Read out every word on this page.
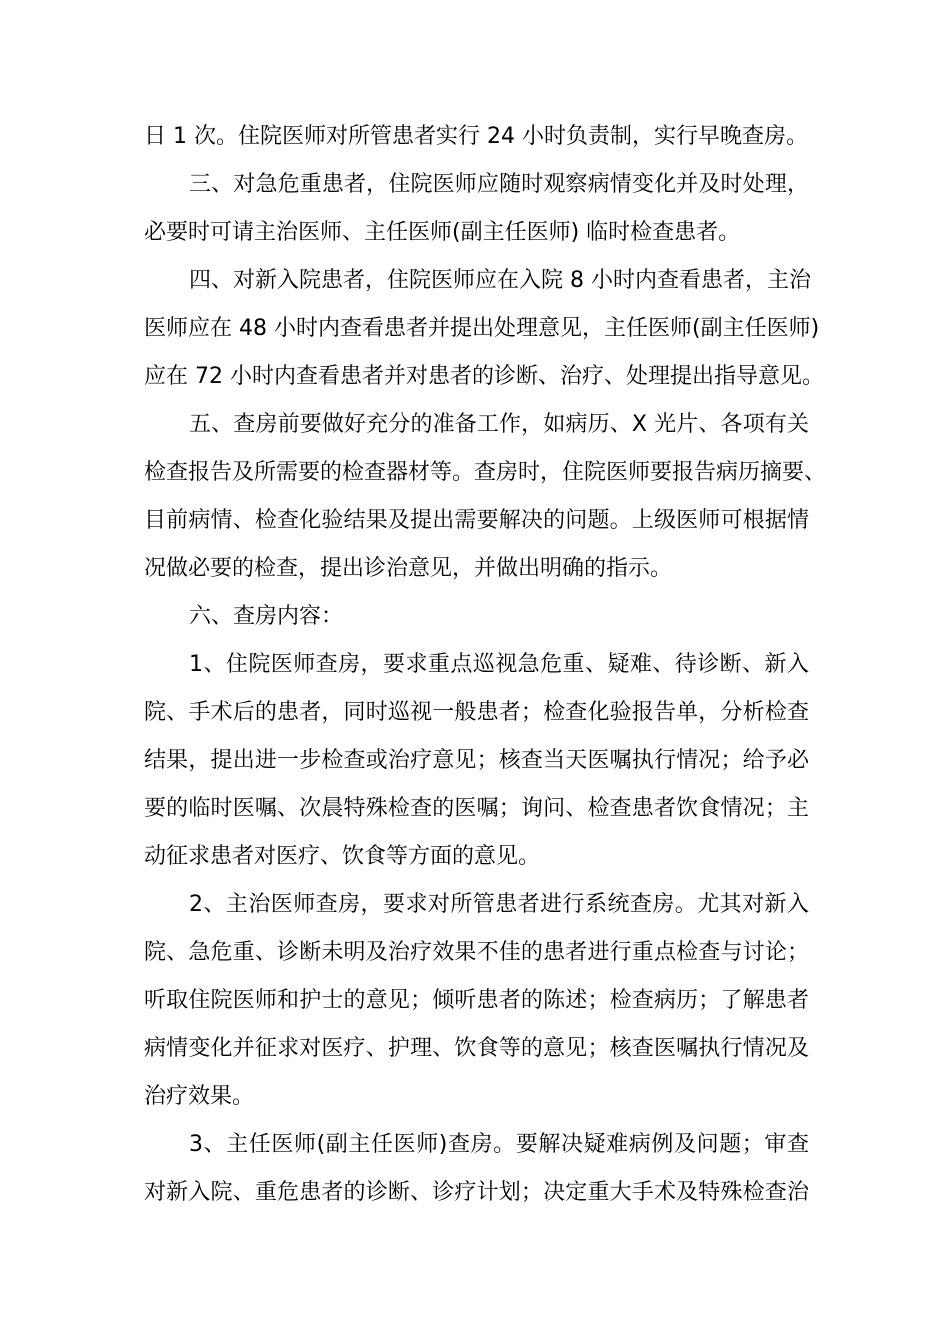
日 1 次。住院医师对所管患者实行 24 小时负责制，实行早晚查房。
三、对急危重患者，住院医师应随时观察病情变化并及时处理，
必要时可请主治医师、主任医师(副主任医师) 临时检查患者。
四、对新入院患者，住院医师应在入院 8 小时内查看患者，主治
医师应在 48 小时内查看患者并提出处理意见，主任医师(副主任医师)
应在 72 小时内查看患者并对患者的诊断、治疗、处理提出指导意见。
五、查房前要做好充分的准备工作，如病历、X 光片、各项有关
检查报告及所需要的检查器材等。查房时，住院医师要报告病历摘要、
目前病情、检查化验结果及提出需要解决的问题。上级医师可根据情
况做必要的检查，提出诊治意见，并做出明确的指示。
六、查房内容：
1、住院医师查房，要求重点巡视急危重、疑难、待诊断、新入
院、手术后的患者，同时巡视一般患者；检查化验报告单，分析检查
结果，提出进一步检查或治疗意见；核查当天医嘱执行情况；给予必
要的临时医嘱、次晨特殊检查的医嘱；询问、检查患者饮食情况；主
动征求患者对医疗、饮食等方面的意见。
2、主治医师查房，要求对所管患者进行系统查房。尤其对新入
院、急危重、诊断未明及治疗效果不佳的患者进行重点检查与讨论；
听取住院医师和护士的意见；倾听患者的陈述；检查病历；了解患者
病情变化并征求对医疗、护理、饮食等的意见；核查医嘱执行情况及
治疗效果。
3、主任医师(副主任医师)查房。要解决疑难病例及问题；审查
对新入院、重危患者的诊断、诊疗计划；决定重大手术及特殊检查治
